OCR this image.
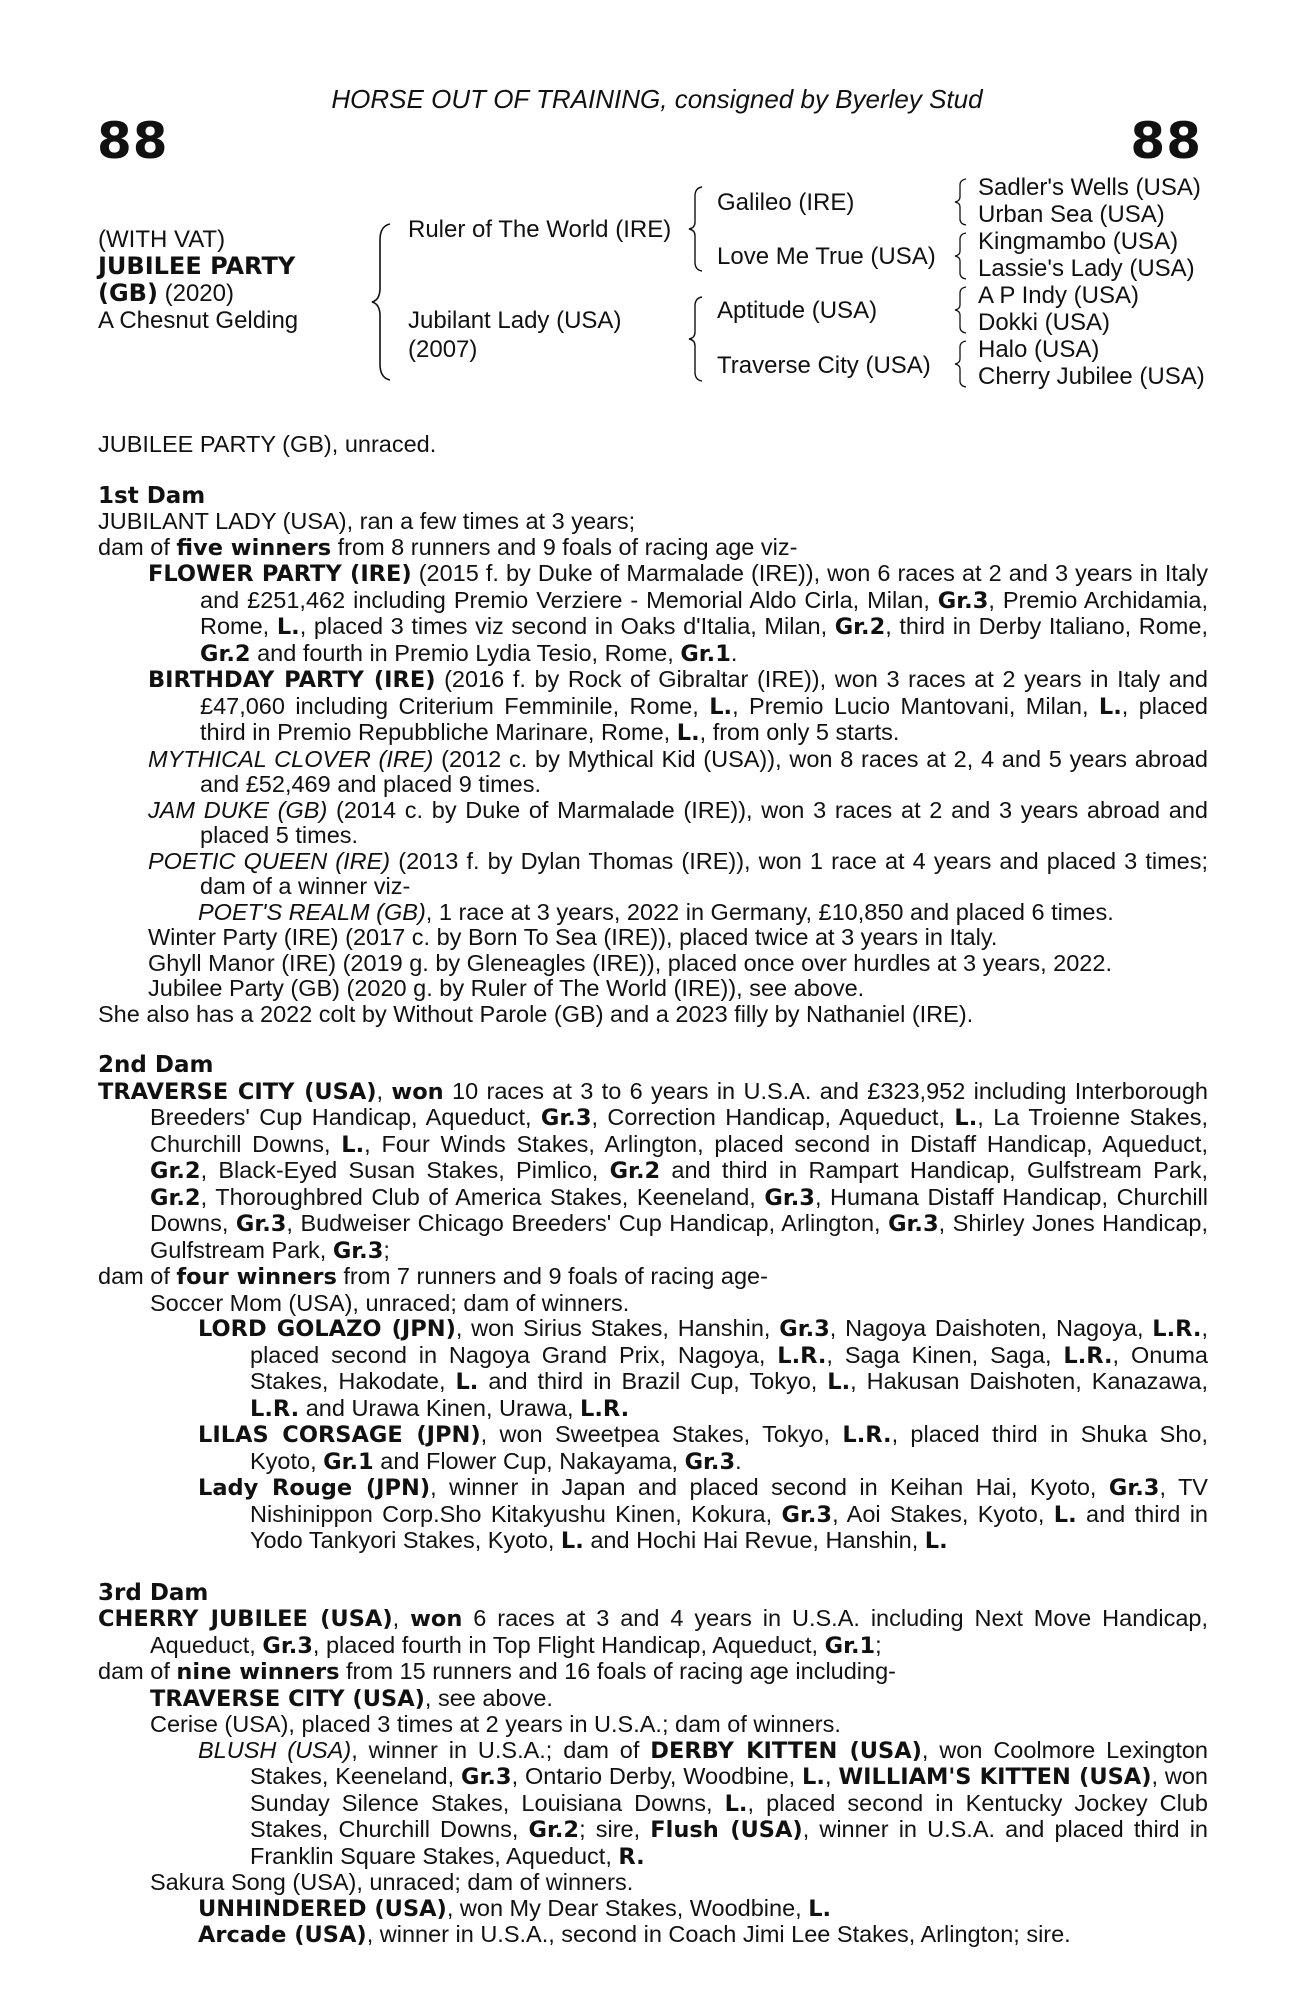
HORSE OUT OF TRAINING, consigned by Byerley Stud
88	88
(WITH VAT)
JUBILEE PARTY
(GB) (2020)
A Chesnut Gelding
Ruler of The World (IRE)
Jubilant Lady (USA)
(2007)
Galileo (IRE)
Love Me True (USA)
Aptitude (USA)
Traverse City (USA)
Sadler's Wells (USA)
Urban Sea (USA)
Kingmambo (USA)
Lassie's Lady (USA)
A P Indy (USA)
Dokki (USA)
Halo (USA)
Cherry Jubilee (USA)

JUBILEE PARTY (GB), unraced.

1st Dam

JUBILANT LADY (USA), ran a few times at 3 years;

dam of five winners from 8 runners and 9 foals of racing age viz-

FLOWER PARTY (IRE) (2015 f. by Duke of Marmalade (IRE)), won 6 races at 2 and 3 years in Italy and £251,462 including Premio Verziere - Memorial Aldo Cirla, Milan, Gr.3, Premio Archidamia, Rome, L., placed 3 times viz second in Oaks d'Italia, Milan, Gr.2, third in Derby Italiano, Rome, Gr.2 and fourth in Premio Lydia Tesio, Rome, Gr.1.

BIRTHDAY PARTY (IRE) (2016 f. by Rock of Gibraltar (IRE)), won 3 races at 2 years in Italy and £47,060 including Criterium Femminile, Rome, L., Premio Lucio Mantovani, Milan, L., placed third in Premio Repubbliche Marinare, Rome, L., from only 5 starts.

MYTHICAL CLOVER (IRE) (2012 c. by Mythical Kid (USA)), won 8 races at 2, 4 and 5 years abroad and £52,469 and placed 9 times.

JAM DUKE (GB) (2014 c. by Duke of Marmalade (IRE)), won 3 races at 2 and 3 years abroad and placed 5 times.

POETIC QUEEN (IRE) (2013 f. by Dylan Thomas (IRE)), won 1 race at 4 years and placed 3 times; dam of a winner viz-

POET'S REALM (GB), 1 race at 3 years, 2022 in Germany, £10,850 and placed 6 times.

Winter Party (IRE) (2017 c. by Born To Sea (IRE)), placed twice at 3 years in Italy.

Ghyll Manor (IRE) (2019 g. by Gleneagles (IRE)), placed once over hurdles at 3 years, 2022.

Jubilee Party (GB) (2020 g. by Ruler of The World (IRE)), see above.

She also has a 2022 colt by Without Parole (GB) and a 2023 filly by Nathaniel (IRE).

2nd Dam

TRAVERSE CITY (USA), won 10 races at 3 to 6 years in U.S.A. and £323,952 including Interborough Breeders' Cup Handicap, Aqueduct, Gr.3, Correction Handicap, Aqueduct, L., La Troienne Stakes, Churchill Downs, L., Four Winds Stakes, Arlington, placed second in Distaff Handicap, Aqueduct, Gr.2, Black-Eyed Susan Stakes, Pimlico, Gr.2 and third in Rampart Handicap, Gulfstream Park, Gr.2, Thoroughbred Club of America Stakes, Keeneland, Gr.3, Humana Distaff Handicap, Churchill Downs, Gr.3, Budweiser Chicago Breeders' Cup Handicap, Arlington, Gr.3, Shirley Jones Handicap, Gulfstream Park, Gr.3;

dam of four winners from 7 runners and 9 foals of racing age-

Soccer Mom (USA), unraced; dam of winners.

LORD GOLAZO (JPN), won Sirius Stakes, Hanshin, Gr.3, Nagoya Daishoten, Nagoya, L.R., placed second in Nagoya Grand Prix, Nagoya, L.R., Saga Kinen, Saga, L.R., Onuma Stakes, Hakodate, L. and third in Brazil Cup, Tokyo, L., Hakusan Daishoten, Kanazawa, L.R. and Urawa Kinen, Urawa, L.R.

LILAS CORSAGE (JPN), won Sweetpea Stakes, Tokyo, L.R., placed third in Shuka Sho, Kyoto, Gr.1 and Flower Cup, Nakayama, Gr.3.

Lady Rouge (JPN), winner in Japan and placed second in Keihan Hai, Kyoto, Gr.3, TV Nishinippon Corp.Sho Kitakyushu Kinen, Kokura, Gr.3, Aoi Stakes, Kyoto, L. and third in Yodo Tankyori Stakes, Kyoto, L. and Hochi Hai Revue, Hanshin, L.

3rd Dam

CHERRY JUBILEE (USA), won 6 races at 3 and 4 years in U.S.A. including Next Move Handicap, Aqueduct, Gr.3, placed fourth in Top Flight Handicap, Aqueduct, Gr.1;

dam of nine winners from 15 runners and 16 foals of racing age including-

TRAVERSE CITY (USA), see above.

Cerise (USA), placed 3 times at 2 years in U.S.A.; dam of winners.

BLUSH (USA), winner in U.S.A.; dam of DERBY KITTEN (USA), won Coolmore Lexington Stakes, Keeneland, Gr.3, Ontario Derby, Woodbine, L., WILLIAM'S KITTEN (USA), won Sunday Silence Stakes, Louisiana Downs, L., placed second in Kentucky Jockey Club Stakes, Churchill Downs, Gr.2; sire, Flush (USA), winner in U.S.A. and placed third in Franklin Square Stakes, Aqueduct, R.

Sakura Song (USA), unraced; dam of winners.

UNHINDERED (USA), won My Dear Stakes, Woodbine, L.

Arcade (USA), winner in U.S.A., second in Coach Jimi Lee Stakes, Arlington; sire.
